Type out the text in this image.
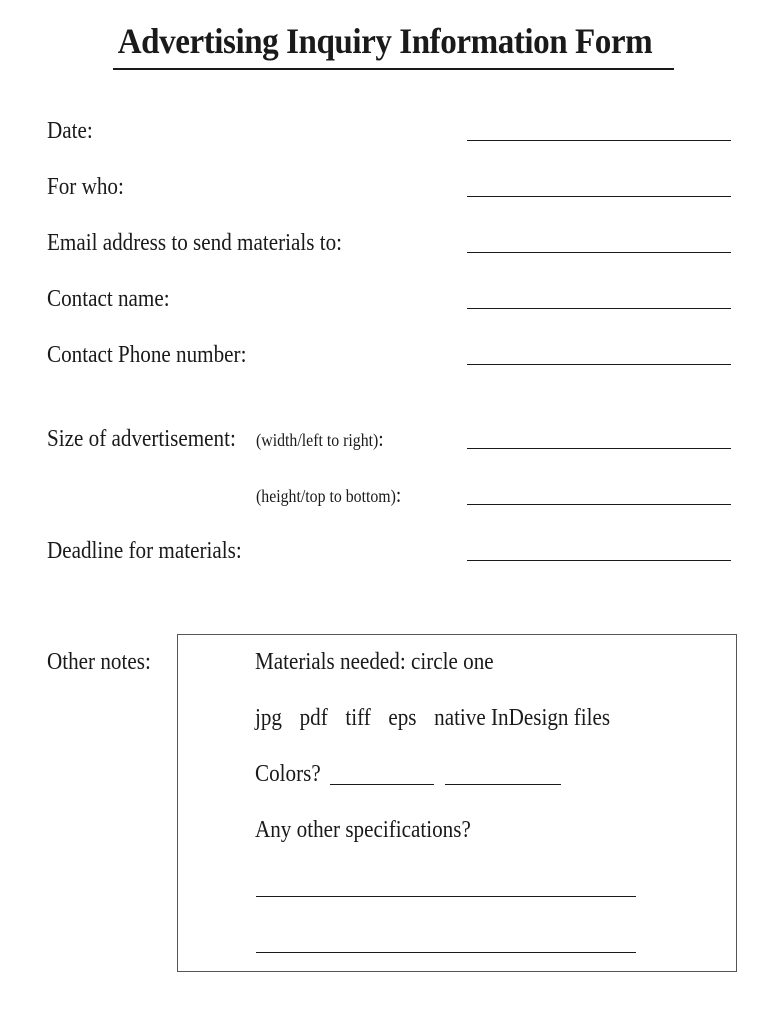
Advertising Inquiry Information Form
Date:
For who:
Email address to send materials to:
Contact name:
Contact Phone number:
Size of advertisement: (width/left to right):
(height/top to bottom):
Deadline for materials:
Other notes:	Materials needed: circle one
jpg pdf tiff eps native InDesign files
Colors?
Any other specifications?
